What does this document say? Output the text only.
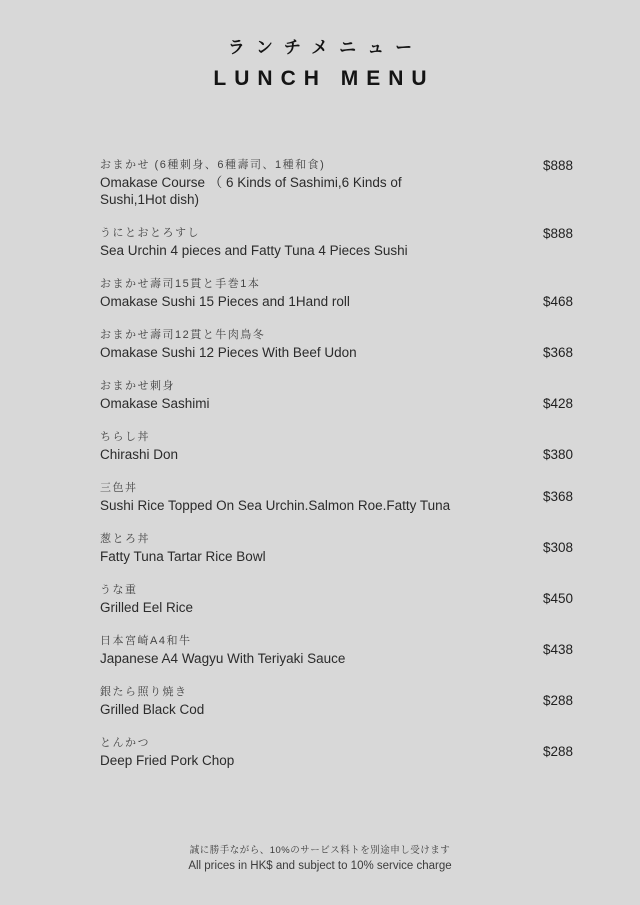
ランチメニュー
LUNCH MENU
おまかせ (6種刺身、6種壽司、1種和食)
Omakase Course （ 6 Kinds of Sashimi,6 Kinds of Sushi,1Hot dish)
$888
うにとおとろすし
Sea Urchin 4 pieces and Fatty Tuna 4 Pieces Sushi
$888
おまかせ壽司15貫と手巻1本
Omakase Sushi 15 Pieces and 1Hand roll	$468
おまかせ壽司12貫と牛肉鳥冬
Omakase Sushi 12 Pieces With Beef Udon	$368
おまかせ刺身
Omakase Sashimi	$428
ちらし丼
Chirashi Don	$380
三色丼
Sushi Rice Topped On Sea Urchin.Salmon Roe.Fatty Tuna
$368
葱とろ丼
Fatty Tuna Tartar Rice Bowl
$308
うな重
Grilled Eel Rice
$450
日本宮崎A4和牛
Japanese A4 Wagyu With Teriyaki Sauce
$438
銀たら照り焼き
Grilled Black Cod
$288
とんかつ
Deep Fried Pork Chop
$288
誠に勝手ながら、10%のサービス料トを別途申し受けます
All prices in HK$ and subject to 10% service charge
